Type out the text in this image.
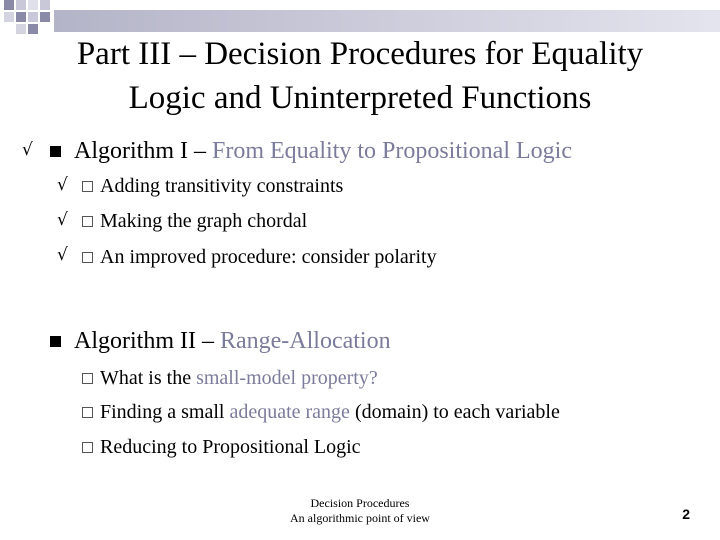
Part III – Decision Procedures for Equality
Logic and Uninterpreted Functions
√ Algorithm I – From Equality to Propositional Logic
√	Adding transitivity constraints
√	Making the graph chordal
√	An improved procedure: consider polarity
Algorithm II – Range-Allocation
What is the small-model property?
Finding a small adequate range (domain) to each variable
Reducing to Propositional Logic
Decision Procedures
An algorithmic point of view	2
